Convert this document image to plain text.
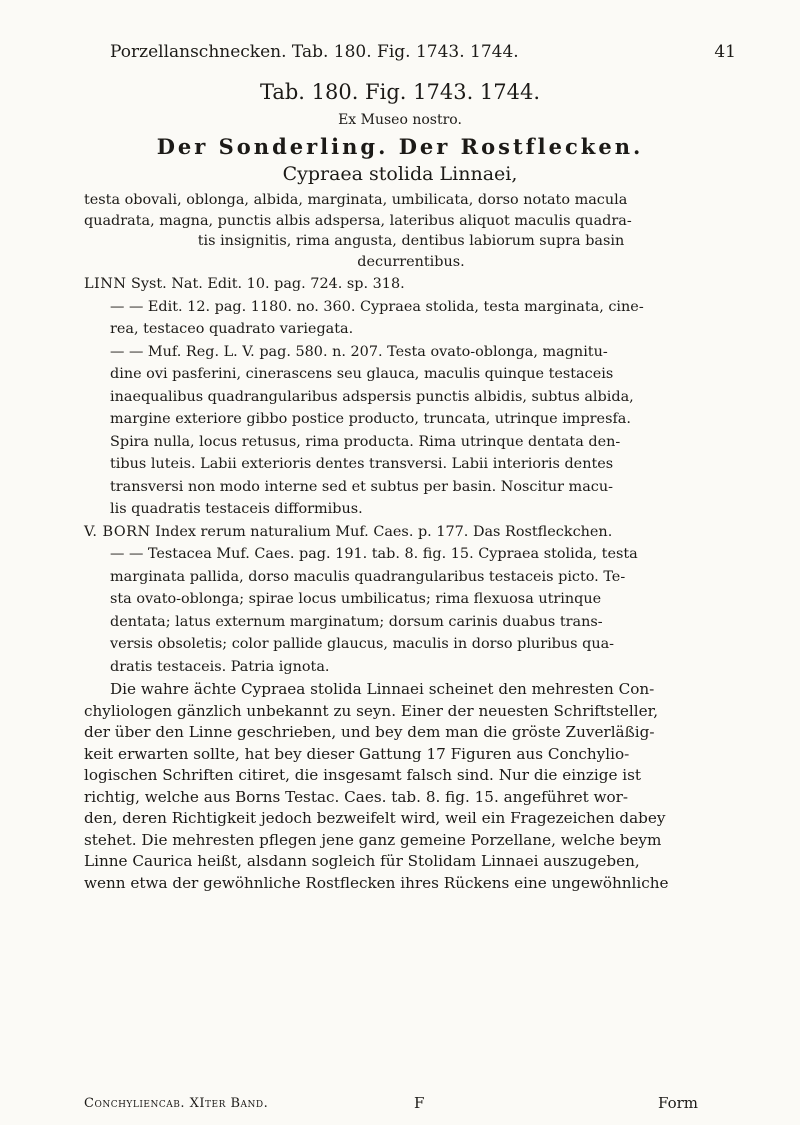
Porzellanschnecken. Tab. 180. Fig. 1743. 1744.	41
Tab. 180. Fig. 1743. 1744.
Ex Museo nostro.
Der Sonderling. Der Rostflecken.
Cypraea stolida Linnaei,

testa obovali, oblonga, albida, marginata, umbilicata, dorso notato macula

quadrata, magna, punctis albis adspersa, lateribus aliquot maculis quadra-

tis insignitis, rima angusta, dentibus labiorum supra basin

decurrentibus.

LINN Syst. Nat. Edit. 10. pag. 724. sp. 318.

— — Edit. 12. pag. 1180. no. 360. Cypraea stolida, testa marginata, cine-

rea, testaceo quadrato variegata.

— — Muf. Reg. L. V. pag. 580. n. 207. Testa ovato-oblonga, magnitu-

dine ovi pasferini, cinerascens seu glauca, maculis quinque testaceis

inaequalibus quadrangularibus adspersis punctis albidis, subtus albida,

margine exteriore gibbo postice producto, truncata, utrinque impresfa.

Spira nulla, locus retusus, rima producta. Rima utrinque dentata den-

tibus luteis. Labii exterioris dentes transversi. Labii interioris dentes

transversi non modo interne sed et subtus per basin. Noscitur macu-

lis quadratis testaceis difformibus.

V. BORN Index rerum naturalium Muf. Caes. p. 177. Das Rostfleckchen.

— — Testacea Muf. Caes. pag. 191. tab. 8. fig. 15. Cypraea stolida, testa

marginata pallida, dorso maculis quadrangularibus testaceis picto. Te-

sta ovato-oblonga; spirae locus umbilicatus; rima flexuosa utrinque

dentata; latus externum marginatum; dorsum carinis duabus trans-

versis obsoletis; color pallide glaucus, maculis in dorso pluribus qua-

dratis testaceis. Patria ignota.

Die wahre ächte Cypraea stolida Linnaei scheinet den mehresten Con-

chyliologen gänzlich unbekannt zu seyn. Einer der neuesten Schriftsteller,

der über den Linne geschrieben, und bey dem man die gröste Zuverläßig-

keit erwarten sollte, hat bey dieser Gattung 17 Figuren aus Conchylio-

logischen Schriften citiret, die insgesamt falsch sind. Nur die einzige ist

richtig, welche aus Borns Testac. Caes. tab. 8. fig. 15. angeführet wor-

den, deren Richtigkeit jedoch bezweifelt wird, weil ein Fragezeichen dabey

stehet. Die mehresten pflegen jene ganz gemeine Porzellane, welche beym

Linne Caurica heißt, alsdann sogleich für Stolidam Linnaei auszugeben,

wenn etwa der gewöhnliche Rostflecken ihres Rückens eine ungewöhnliche

Conchyliencab. XIter Band.	F	Form
